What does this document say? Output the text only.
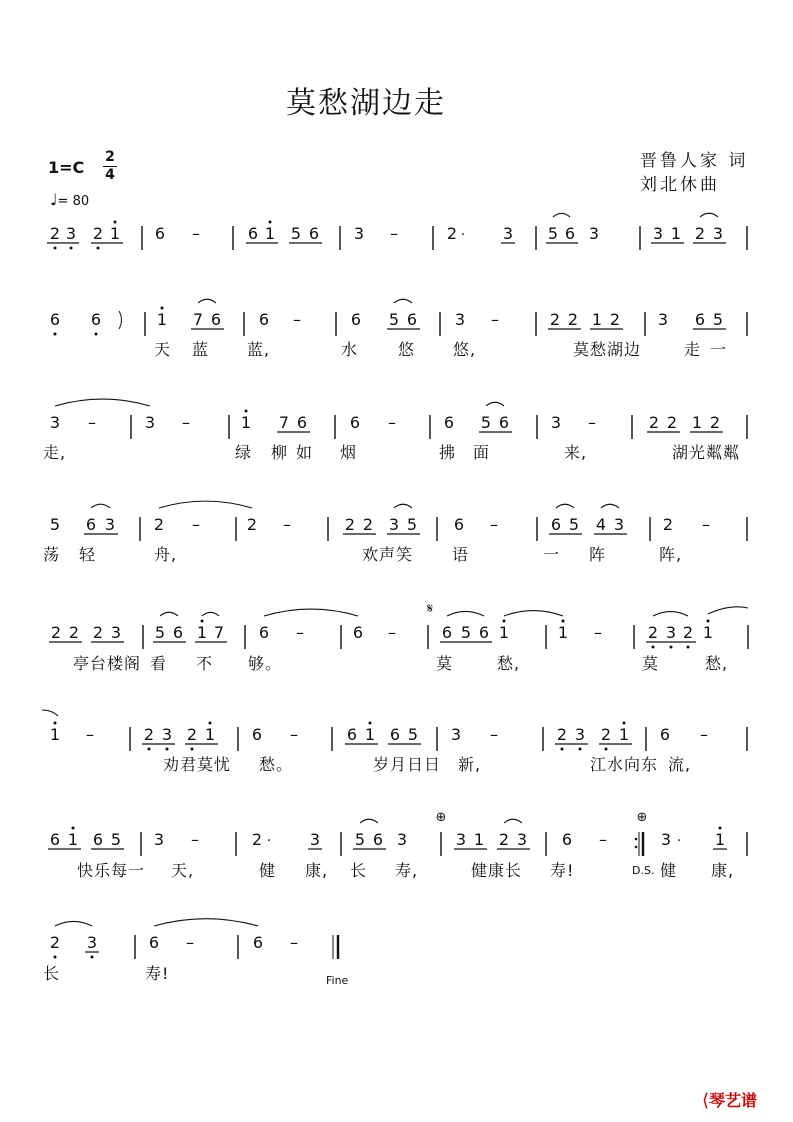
莫愁湖边走
晋鲁人家 词
刘北休曲
1=C
2
4
♩= 80
天 蓝 蓝,	水 悠 悠,	莫愁湖边	走 一
走,	绿 柳 如 烟	拂 面	来,	湖光粼粼
荡 轻	舟,	欢声笑 语	一 阵	阵,
亭台楼阁 看 不 够。	莫	愁,	莫	愁,
劝君莫忧 愁。	岁月日日 新,	江水向东 流,
快乐每一 天,	健 康, 长 寿,	健康长 寿!	健 康,
长	寿!
2 3 2 1 6 –	6 1 5 6 3 –	2 · 3 5 6 3	3 1 2 3
6 6	1 7 6 6 –	6 5 6 3 –	2 2 1 2 3 6 5
3 –	3 –	1 7 6	6 –	6 5 6	3 –	2 2 1 2
5 6 3 2 –	2 –	2 2 3 5 6 –	6 5 4 3 2 –
2 2 2 3 5 6 1 7 6 –	6 –
𝄋
6 5 6 1	1 –	2 3 2 1
1 –	2 3 2 1 6 –	6 1 6 5 3 –	2 3 2 1 6 –
6 1 6 5 3 –	2 · 3 5 6 3
⊕
3 1 2 3 6 –
⊕
3 · 1
2 3	6 –	6 –
D.S.
Fine
⟨琴艺谱
